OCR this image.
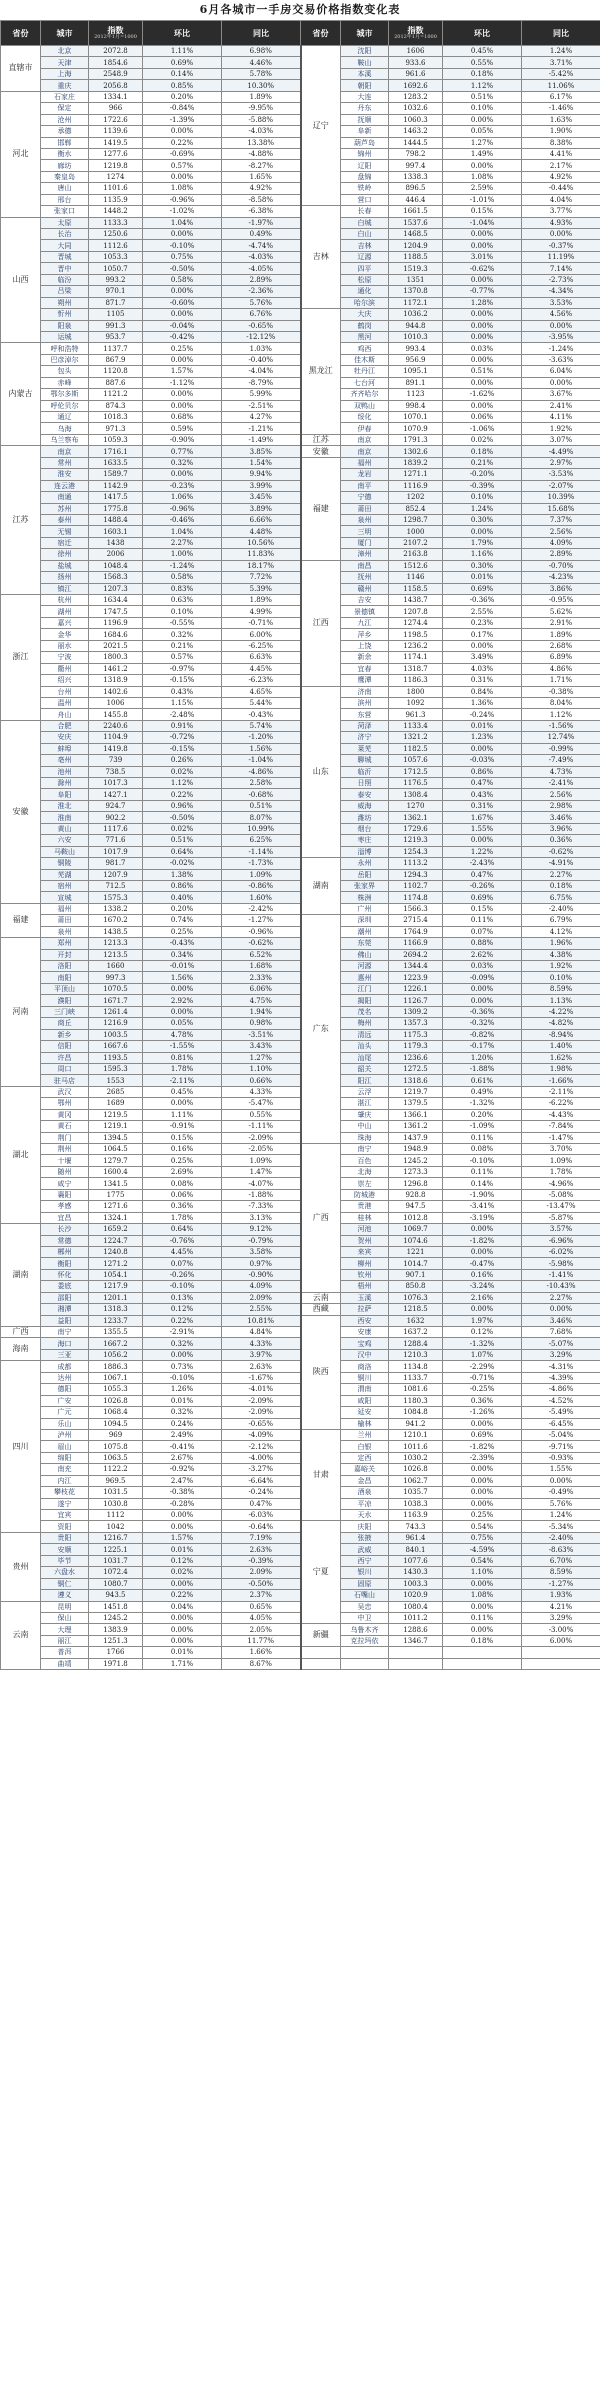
6月各城市一手房交易价格指数变化表
省份	城市	指数
2012年1月=1000	环比	同比	省份	城市	指数
2012年1月=1000	环比	同比
直辖市	北京	2072.8	1.11%	6.98%	辽宁	沈阳	1606	0.45%	1.24%
	天津	1854.6	0.69%	4.46%		鞍山	933.6	0.55%	3.71%
	上海	2548.9	0.14%	5.78%		本溪	961.6	0.18%	-5.42%
	重庆	2056.8	0.85%	10.30%		朝阳	1692.6	1.12%	11.06%
河北	石家庄	1334.1	0.20%	1.89%		大连	1283.2	0.51%	6.17%
	保定	966	-0.84%	-9.95%		丹东	1032.6	0.10%	-1.46%
	沧州	1722.6	-1.39%	-5.88%		抚顺	1060.3	0.00%	1.63%
	承德	1139.6	0.00%	-4.03%		阜新	1463.2	0.05%	1.90%
	邯郸	1419.5	0.22%	13.38%		葫芦岛	1444.5	1.27%	8.38%
	衡水	1277.6	-0.69%	-4.88%		锦州	798.2	1.49%	4.41%
	廊坊	1219.8	0.57%	-8.27%		辽阳	997.4	0.00%	2.17%
	秦皇岛	1274	0.00%	1.65%		盘锦	1338.3	1.08%	4.92%
	唐山	1101.6	1.08%	4.92%		铁岭	896.5	2.59%	-0.44%
	邢台	1135.9	-0.96%	-8.58%		营口	446.4	-1.01%	4.04%
	张家口	1448.2	-1.02%	-6.38%	吉林	长春	1661.5	0.15%	3.77%
山西	太原	1133.3	1.04%	-1.97%		白城	1537.6	-1.04%	4.93%
	长治	1250.6	0.00%	0.49%		白山	1468.5	0.00%	0.00%
	大同	1112.6	-0.10%	-4.74%		吉林	1204.9	0.00%	-0.37%
	晋城	1053.3	0.75%	-4.03%		辽源	1188.5	3.01%	11.19%
	晋中	1050.7	-0.50%	-4.05%		四平	1519.3	-0.62%	7.14%
	临汾	993.2	0.58%	2.89%		松原	1351	0.00%	-2.73%
	吕梁	970.1	0.00%	-2.36%		通化	1370.8	-0.77%	-4.34%
	朔州	871.7	-0.60%	5.76%		哈尔滨	1172.1	1.28%	3.53%
	忻州	1105	0.00%	6.76%	黑龙江	大庆	1036.2	0.00%	4.56%
	阳泉	991.3	-0.04%	-0.65%		鹤岗	944.8	0.00%	0.00%
	运城	953.7	-0.42%	-12.12%		黑河	1010.3	0.00%	-3.95%
内蒙古	呼和浩特	1137.7	0.25%	1.03%		鸡西	993.4	0.03%	-1.24%
	巴彦淖尔	867.9	0.00%	-0.40%		佳木斯	956.9	0.00%	-3.63%
	包头	1120.8	1.57%	-4.04%		牡丹江	1095.1	0.51%	6.04%
	赤峰	887.6	-1.12%	-8.79%		七台河	891.1	0.00%	0.00%
	鄂尔多斯	1121.2	0.00%	5.99%		齐齐哈尔	1123	-1.62%	3.67%
	呼伦贝尔	874.3	0.00%	-2.51%		双鸭山	998.4	0.00%	2.41%
	通辽	1018.3	0.68%	4.27%		绥化	1070.1	0.06%	4.11%
	乌海	971.3	0.59%	-1.21%		伊春	1070.9	-1.06%	1.92%
	乌兰察布	1059.3	-0.90%	-1.49%	江苏	南京	1791.3	0.02%	3.07%
江苏	南京	1716.1	0.77%	3.85%	安徽	南京	1302.6	0.18%	-4.49%
	常州	1633.5	0.32%	1.54%	福建	福州	1839.2	0.21%	2.97%
	淮安	1589.7	0.00%	9.94%		龙岩	1271.1	-0.20%	-3.53%
	连云港	1142.9	-0.23%	3.99%		南平	1116.9	-0.39%	-2.07%
	南通	1417.5	1.06%	3.45%		宁德	1202	0.10%	10.39%
	苏州	1775.8	-0.96%	3.89%		莆田	852.4	1.24%	15.68%
	泰州	1488.4	-0.46%	6.66%		泉州	1298.7	0.30%	7.37%
	无锡	1603.1	1.04%	4.48%		三明	1000	0.00%	2.56%
	宿迁	1438	2.27%	10.56%		厦门	2107.2	1.79%	4.09%
	徐州	2006	1.00%	11.83%		漳州	2163.8	1.16%	2.89%
	盐城	1048.4	-1.24%	18.17%	江西	南昌	1512.6	0.30%	-0.70%
	扬州	1568.3	0.58%	7.72%		抚州	1146	0.01%	-4.23%
	镇江	1207.3	0.83%	5.39%		赣州	1158.5	0.69%	3.86%
浙江	杭州	1634.4	0.63%	1.89%		吉安	1438.7	-0.36%	-0.95%
	湖州	1747.5	0.10%	4.99%		景德镇	1207.8	2.55%	5.62%
	嘉兴	1196.9	-0.55%	-0.71%		九江	1274.4	0.23%	2.91%
	金华	1684.6	0.32%	6.00%		萍乡	1198.5	0.17%	1.89%
	丽水	2021.5	0.21%	-6.25%		上饶	1236.2	0.00%	2.68%
	宁波	1800.3	0.57%	6.63%		新余	1174.1	3.49%	6.89%
	衢州	1461.2	-0.97%	4.45%		宜春	1318.7	4.03%	4.86%
	绍兴	1318.9	-0.15%	-6.23%		鹰潭	1186.3	0.31%	1.71%
	台州	1402.6	0.43%	4.65%	山东	济南	1800	0.84%	-0.38%
	温州	1006	1.15%	5.44%		滨州	1092	1.36%	8.04%
	舟山	1455.8	-2.48%	-0.43%		东营	961.3	-0.24%	1.12%
安徽	合肥	2240.6	0.91%	5.74%		菏泽	1133.4	0.01%	-1.56%
	安庆	1104.9	-0.72%	-1.20%		济宁	1321.2	1.23%	12.74%
	蚌埠	1419.8	-0.15%	1.56%		莱芜	1182.5	0.00%	-0.99%
	亳州	739	0.26%	-1.04%		聊城	1057.6	-0.03%	-7.49%
	池州	738.5	0.02%	-4.86%		临沂	1712.5	0.86%	4.73%
	滁州	1017.3	1.12%	2.58%		日照	1176.5	0.47%	-2.41%
	阜阳	1427.1	0.22%	-0.68%		泰安	1308.4	0.43%	2.56%
	淮北	924.7	0.96%	0.51%		威海	1270	0.31%	2.98%
	淮南	902.2	-0.50%	8.07%		潍坊	1362.1	1.67%	3.46%
	黄山	1117.6	0.02%	10.99%		烟台	1729.6	1.55%	3.96%
	六安	771.6	0.51%	6.25%		枣庄	1219.3	0.00%	0.36%
	马鞍山	1017.9	0.64%	-1.14%		淄博	1254.3	1.22%	-0.62%
	铜陵	981.7	-0.02%	-1.73%	湖南	永州	1113.2	-2.43%	-4.91%
	芜湖	1207.9	1.38%	1.09%		岳阳	1294.3	0.47%	2.27%
	宿州	712.5	0.86%	-0.86%		张家界	1102.7	-0.26%	0.18%
	宣城	1575.3	0.40%	1.60%		株洲	1174.8	0.69%	6.75%
福建	福州	1338.2	0.20%	-2.42%		广州	1566.3	0.15%	-2.40%
	莆田	1670.2	0.74%	-1.27%	广东	深圳	2715.4	0.11%	6.79%
	泉州	1438.5	0.25%	-0.96%		潮州	1764.9	0.07%	4.12%
河南	郑州	1213.3	-0.43%	-0.62%		东莞	1166.9	0.88%	1.96%
	开封	1213.5	0.34%	6.52%		佛山	2694.2	2.62%	4.38%
	洛阳	1660	-0.01%	1.68%		河源	1344.4	0.03%	1.92%
	南阳	997.3	1.56%	2.33%		惠州	1223.9	-0.09%	0.10%
	平顶山	1070.5	0.00%	6.06%		江门	1226.1	0.00%	8.59%
	濮阳	1671.7	2.92%	4.75%		揭阳	1126.7	0.00%	1.13%
	三门峡	1261.4	0.00%	1.94%		茂名	1309.2	-0.36%	-4.22%
	商丘	1216.9	0.05%	0.98%		梅州	1357.3	-0.32%	-4.82%
	新乡	1003.5	4.78%	-3.51%		清远	1175.3	-0.82%	-8.94%
	信阳	1667.6	-1.55%	3.43%		汕头	1179.3	-0.17%	1.40%
	许昌	1193.5	0.81%	1.27%		汕尾	1236.6	1.20%	1.62%
	周口	1595.3	1.78%	1.10%		韶关	1272.5	-1.88%	1.98%
	驻马店	1553	-2.11%	0.66%		阳江	1318.6	0.61%	-1.66%
湖北	武汉	2685	0.45%	4.33%		云浮	1219.7	0.49%	-2.11%
	鄂州	1689	0.00%	-5.47%		湛江	1379.5	-1.32%	-6.22%
	黄冈	1219.5	1.11%	0.55%		肇庆	1366.1	0.20%	-4.43%
	黄石	1219.1	-0.91%	-1.11%		中山	1361.2	-1.09%	-7.84%
	荆门	1394.5	0.15%	-2.09%		珠海	1437.9	0.11%	-1.47%
	荆州	1064.5	0.16%	-2.05%	广西	南宁	1948.9	0.08%	3.70%
	十堰	1279.7	0.25%	1.09%		百色	1245.2	-0.10%	1.09%
	随州	1600.4	2.69%	1.47%		北海	1273.3	0.11%	1.78%
	咸宁	1341.5	0.08%	-4.07%		崇左	1296.8	0.14%	-4.96%
	襄阳	1775	0.06%	-1.88%		防城港	928.8	-1.90%	-5.08%
	孝感	1271.6	0.36%	-7.33%		贵港	947.5	-3.41%	-13.47%
	宜昌	1324.1	1.78%	3.13%		桂林	1012.8	-3.19%	-5.87%
湖南	长沙	1659.2	0.64%	9.12%		河池	1069.7	0.00%	3.57%
	常德	1224.7	-0.76%	-0.79%		贺州	1074.6	-1.82%	-6.96%
	郴州	1240.8	4.45%	3.58%		来宾	1221	0.00%	-6.02%
	衡阳	1271.2	0.07%	0.97%		柳州	1014.7	-0.47%	-5.98%
	怀化	1054.1	-0.26%	-0.90%		钦州	907.1	0.16%	-1.41%
	娄底	1217.9	-0.10%	4.09%		梧州	850.8	-3.24%	-10.43%
	邵阳	1201.1	0.13%	2.09%	云南	玉溪	1076.3	2.16%	2.27%
	湘潭	1318.3	0.12%	2.55%	西藏	拉萨	1218.5	0.00%	0.00%
	益阳	1233.7	0.22%	10.81%	陕西	西安	1632	1.97%	3.46%
广西	南宁	1355.5	-2.91%	4.84%		安康	1637.2	0.12%	7.68%
海南	海口	1667.2	0.32%	4.33%		宝鸡	1288.4	-1.32%	-5.07%
	三亚	1056.2	0.00%	3.97%		汉中	1210.3	1.07%	3.29%
四川	成都	1886.3	0.73%	2.63%		商洛	1134.8	-2.29%	-4.31%
	达州	1067.1	-0.10%	-1.67%		铜川	1133.7	-0.71%	-4.39%
	德阳	1055.3	1.26%	-4.01%		渭南	1081.6	-0.25%	-4.86%
	广安	1026.8	0.01%	-2.09%		咸阳	1180.3	0.36%	-4.52%
	广元	1068.4	0.32%	-2.09%		延安	1084.8	-1.26%	-5.49%
	乐山	1094.5	0.24%	-0.65%		榆林	941.2	0.00%	-6.45%
	泸州	969	2.49%	-4.09%	甘肃	兰州	1210.1	0.69%	-5.04%
	眉山	1075.8	-0.41%	-2.12%		白银	1011.6	-1.82%	-9.71%
	绵阳	1063.5	2.67%	-4.00%		定西	1030.2	-2.39%	-0.93%
	南充	1122.2	-0.92%	-3.27%		嘉峪关	1026.8	0.00%	1.55%
	内江	969.5	2.47%	-6.64%		金昌	1062.7	0.00%	0.00%
	攀枝花	1031.5	-0.38%	-0.24%		酒泉	1035.7	0.00%	-0.49%
	遂宁	1030.8	-0.28%	0.47%		平凉	1038.3	0.00%	5.76%
	宜宾	1112	0.00%	-6.03%		天水	1163.9	0.25%	1.24%
	资阳	1042	0.00%	-0.64%	宁夏	庆阳	743.3	0.54%	-5.34%
贵州	贵阳	1216.7	1.57%	7.19%		张掖	961.4	0.75%	-2.40%
	安顺	1225.1	0.01%	2.63%		武威	840.1	-4.59%	-8.63%
	毕节	1031.7	0.12%	-0.39%		西宁	1077.6	0.54%	6.70%
	六盘水	1072.4	0.02%	2.09%		银川	1430.3	1.10%	8.59%
	铜仁	1080.7	0.00%	-0.50%		固原	1003.3	0.00%	-1.27%
	遵义	943.5	0.22%	2.37%		石嘴山	1020.9	1.08%	1.93%
云南	昆明	1451.8	0.04%	0.65%		吴忠	1080.4	0.00%	4.21%
	保山	1245.2	0.00%	4.05%		中卫	1011.2	0.11%	3.29%
	大理	1383.9	0.00%	2.05%	新疆	乌鲁木齐	1288.6	0.00%	-3.00%
	丽江	1251.3	0.00%	11.77%		克拉玛依	1346.7	0.18%	6.00%
	普洱	1766	0.01%	1.66%					
	曲靖	1971.8	1.71%	8.67%					
